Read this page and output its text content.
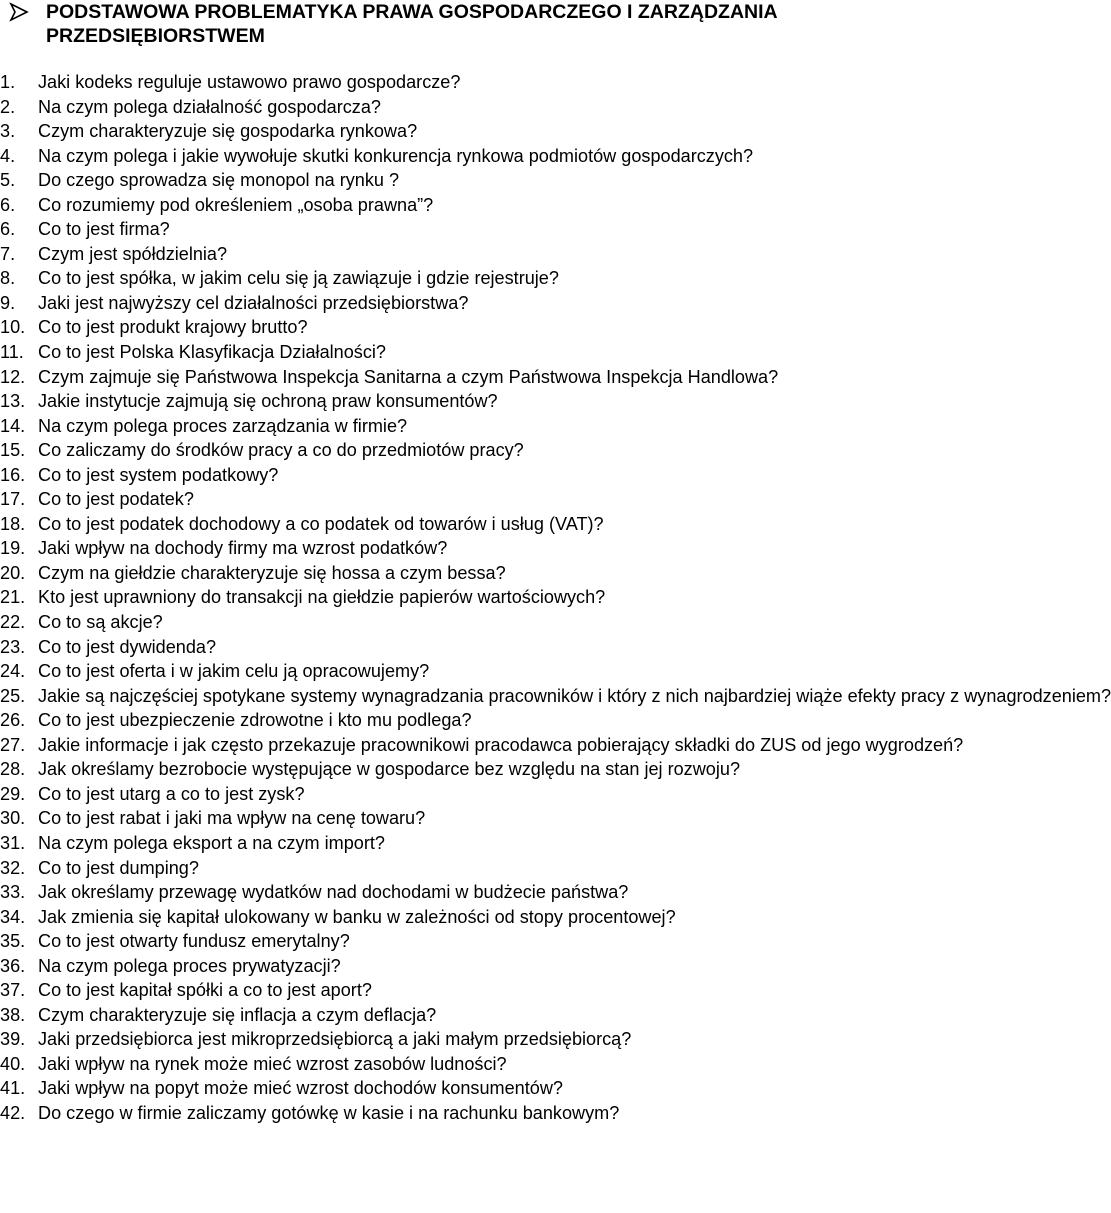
PODSTAWOWA PROBLEMATYKA PRAWA GOSPODARCZEGO I ZARZĄDZANIA
PRZEDSIĘBIORSTWEM
1.	Jaki kodeks reguluje ustawowo prawo gospodarcze?
2.	Na czym polega działalność gospodarcza?
3.	Czym charakteryzuje się gospodarka rynkowa?
4.	Na czym polega i jakie wywołuje skutki konkurencja rynkowa podmiotów gospodarczych?
5.	Do czego sprowadza się monopol na rynku ?
6.	Co rozumiemy pod określeniem „osoba prawna”?
6.	Co to jest firma?
7.	Czym jest spółdzielnia?
8.	Co to jest spółka, w jakim celu się ją zawiązuje i gdzie rejestruje?
9.	Jaki jest najwyższy cel działalności przedsiębiorstwa?
10. Co to jest produkt krajowy brutto?
11. Co to jest Polska Klasyfikacja Działalności?
12. Czym zajmuje się Państwowa Inspekcja Sanitarna a czym Państwowa Inspekcja Handlowa?
13. Jakie instytucje zajmują się ochroną praw konsumentów?
14. Na czym polega proces zarządzania w firmie?
15. Co zaliczamy do środków pracy a co do przedmiotów pracy?
16. Co to jest system podatkowy?
17. Co to jest podatek?
18. Co to jest podatek dochodowy a co podatek od towarów i usług (VAT)?
19. Jaki wpływ na dochody firmy ma wzrost podatków?
20. Czym na giełdzie charakteryzuje się hossa a czym bessa?
21. Kto jest uprawniony do transakcji na giełdzie papierów wartościowych?
22. Co to są akcje?
23. Co to jest dywidenda?
24. Co to jest oferta i w jakim celu ją opracowujemy?
25. Jakie są najczęściej spotykane systemy wynagradzania pracowników i który z nich najbardziej wiąże efekty pracy z wynagrodzeniem?
26. Co to jest ubezpieczenie zdrowotne i kto mu podlega?
27. Jakie informacje i jak często przekazuje pracownikowi pracodawca pobierający składki do ZUS od jego wygrodzeń?
28. Jak określamy bezrobocie występujące w gospodarce bez względu na stan jej rozwoju?
29. Co to jest utarg a co to jest zysk?
30. Co to jest rabat i jaki ma wpływ na cenę towaru?
31. Na czym polega eksport a na czym import?
32. Co to jest dumping?
33. Jak określamy przewagę wydatków nad dochodami w budżecie państwa?
34. Jak zmienia się kapitał ulokowany w banku w zależności od stopy procentowej?
35. Co to jest otwarty fundusz emerytalny?
36. Na czym polega proces prywatyzacji?
37. Co to jest kapitał spółki a co to jest aport?
38. Czym charakteryzuje się inflacja a czym deflacja?
39. Jaki przedsiębiorca jest mikroprzedsiębiorcą a jaki małym przedsiębiorcą?
40. Jaki wpływ na rynek może mieć wzrost zasobów ludności?
41. Jaki wpływ na popyt może mieć wzrost dochodów konsumentów?
42. Do czego w firmie zaliczamy gotówkę w kasie i na rachunku bankowym?
